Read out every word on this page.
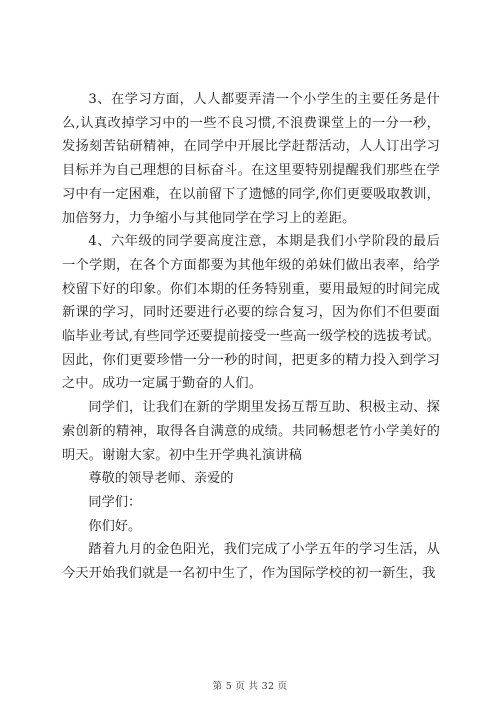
3、在学习方面，人人都要弄清一个小学生的主要任务是什么,认真改掉学习中的一些不良习惯,不浪费课堂上的一分一秒，发扬刻苦钻研精神，在同学中开展比学赶帮活动，人人订出学习目标并为自己理想的目标奋斗。在这里要特别提醒我们那些在学习中有一定困难，在以前留下了遗憾的同学,你们更要吸取教训，加倍努力，力争缩小与其他同学在学习上的差距。

4、六年级的同学要高度注意，本期是我们小学阶段的最后一个学期，在各个方面都要为其他年级的弟妹们做出表率，给学校留下好的印象。你们本期的任务特别重，要用最短的时间完成新课的学习，同时还要进行必要的综合复习，因为你们不但要面临毕业考试,有些同学还要提前接受一些高一级学校的选拔考试。因此，你们更要珍惜一分一秒的时间，把更多的精力投入到学习之中。成功一定属于勤奋的人们。

同学们，让我们在新的学期里发扬互帮互助、积极主动、探索创新的精神，取得各自满意的成绩。共同畅想老竹小学美好的明天。谢谢大家。初中生开学典礼演讲稿

尊敬的领导老师、亲爱的
同学们：
你们好。

踏着九月的金色阳光，我们完成了小学五年的学习生活，从今天开始我们就是一名初中生了，作为国际学校的初一新生，我

第 5 页 共 32 页
